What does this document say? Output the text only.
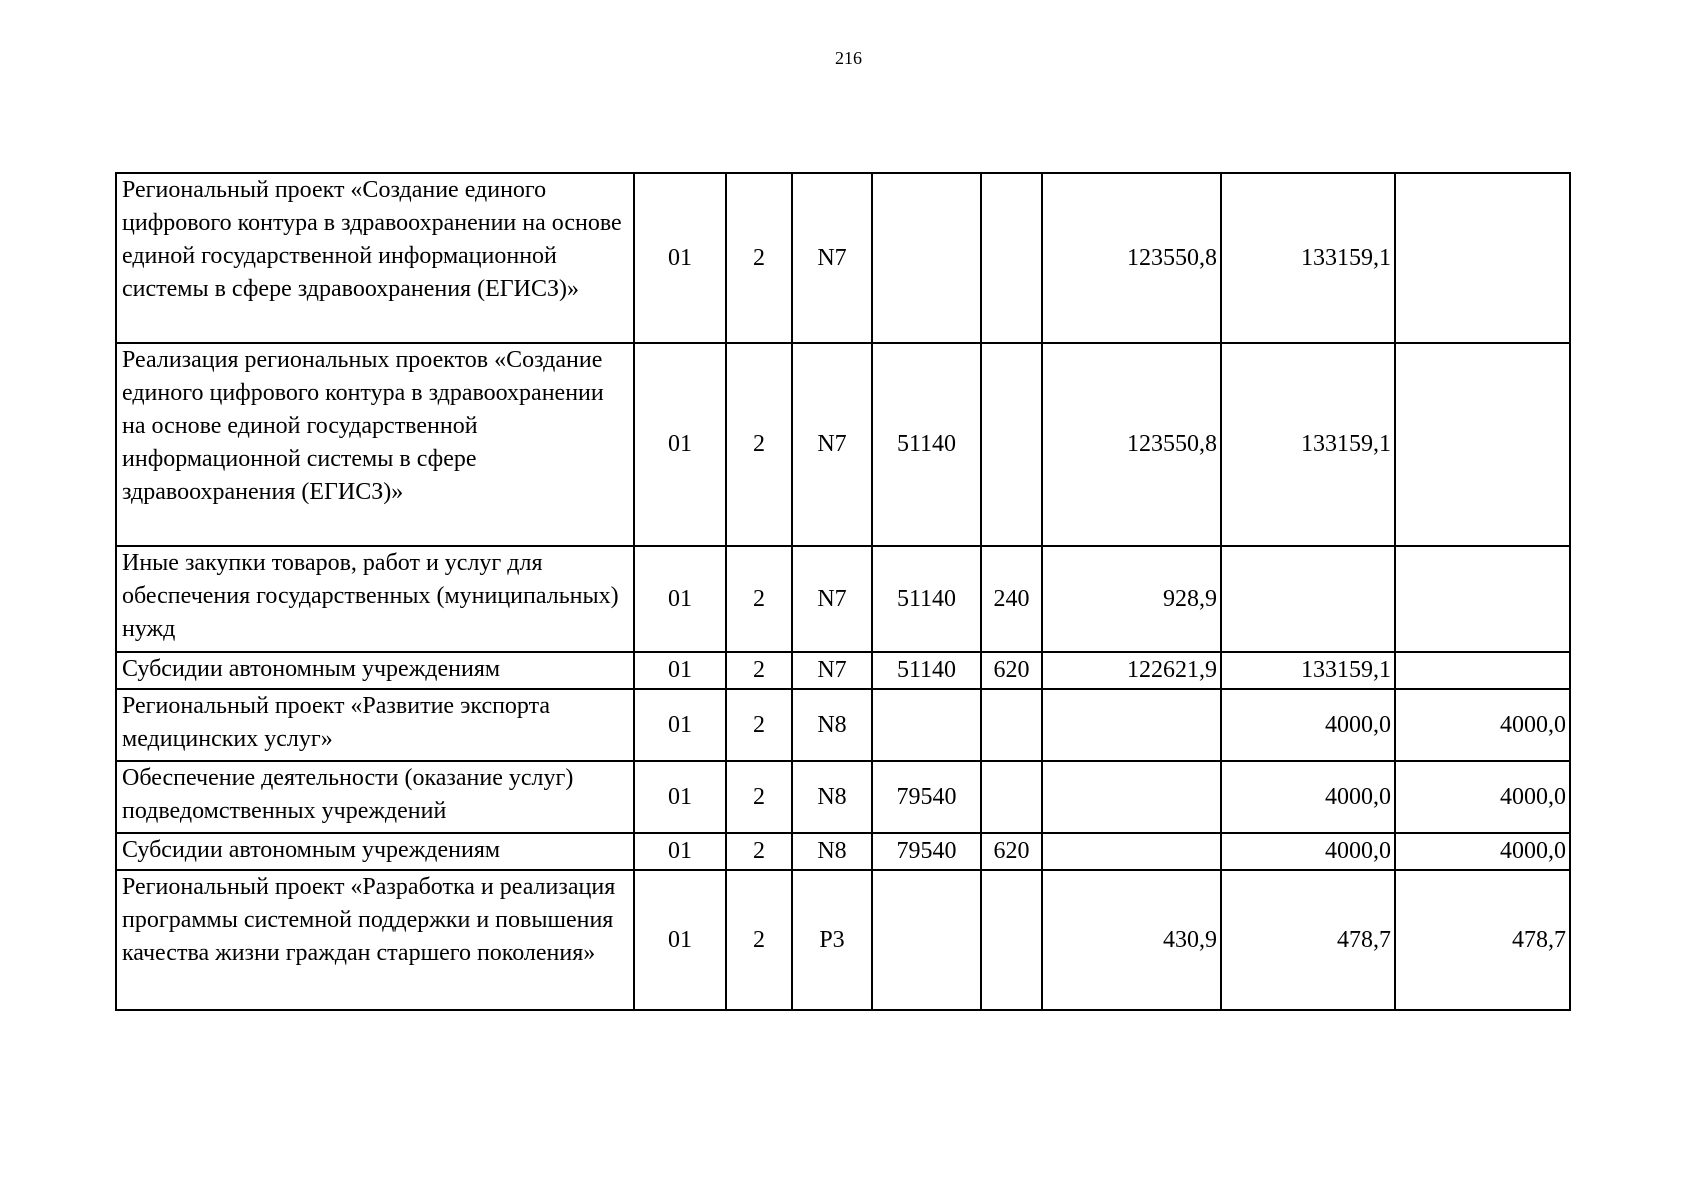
216
Региональный проект «Создание единого цифрового контура в здравоохранении на основе единой государственной информационной системы в сфере здравоохранения (ЕГИСЗ)»	01	2	N7			123550,8	133159,1	
Реализация региональных проектов «Создание единого цифрового контура в здравоохранении на основе единой государственной информационной системы в сфере здравоохранения (ЕГИСЗ)»	01	2	N7	51140		123550,8	133159,1	
Иные закупки товаров, работ и услуг для обеспечения государственных (муниципальных) нужд	01	2	N7	51140	240	928,9		
Субсидии автономным учреждениям	01	2	N7	51140	620	122621,9	133159,1	
Региональный проект «Развитие экспорта медицинских услуг»	01	2	N8				4000,0	4000,0
Обеспечение деятельности (оказание услуг) подведомственных учреждений	01	2	N8	79540			4000,0	4000,0
Субсидии автономным учреждениям	01	2	N8	79540	620		4000,0	4000,0
Региональный проект «Разработка и реализация программы системной поддержки и повышения качества жизни граждан старшего поколения»	01	2	Р3			430,9	478,7	478,7
